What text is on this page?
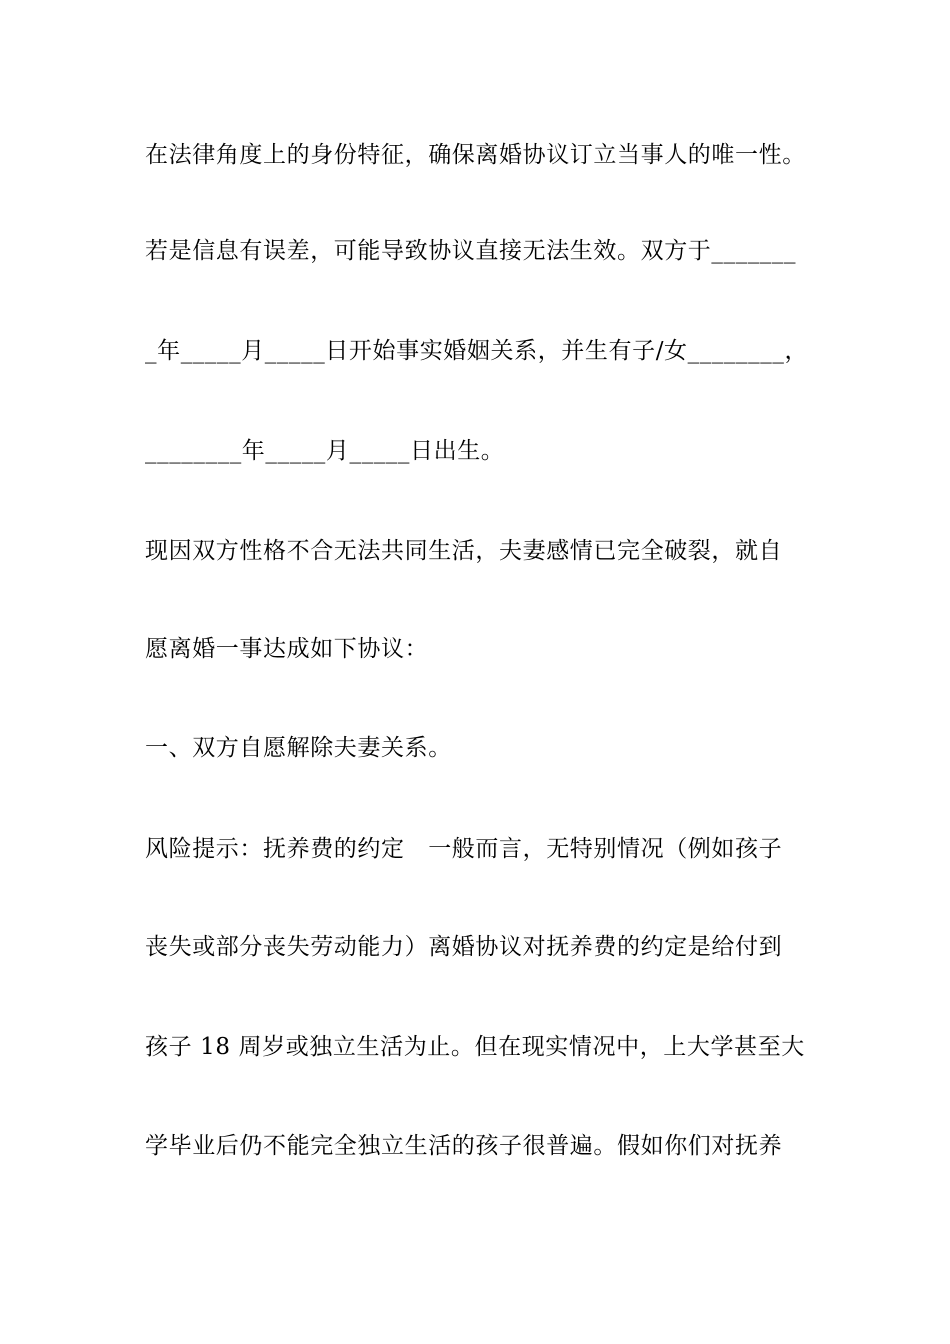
在法律角度上的身份特征，确保离婚协议订立当事人的唯一性。
若是信息有误差，可能导致协议直接无法生效。双方于_______
_年_____月_____日开始事实婚姻关系，并生有子/女________，
________年_____月_____日出生。
现因双方性格不合无法共同生活，夫妻感情已完全破裂，就自
愿离婚一事达成如下协议：
一、双方自愿解除夫妻关系。
风险提示：抚养费的约定　一般而言，无特别情况（例如孩子
丧失或部分丧失劳动能力）离婚协议对抚养费的约定是给付到
孩子 18 周岁或独立生活为止。但在现实情况中，上大学甚至大
学毕业后仍不能完全独立生活的孩子很普遍。假如你们对抚养
